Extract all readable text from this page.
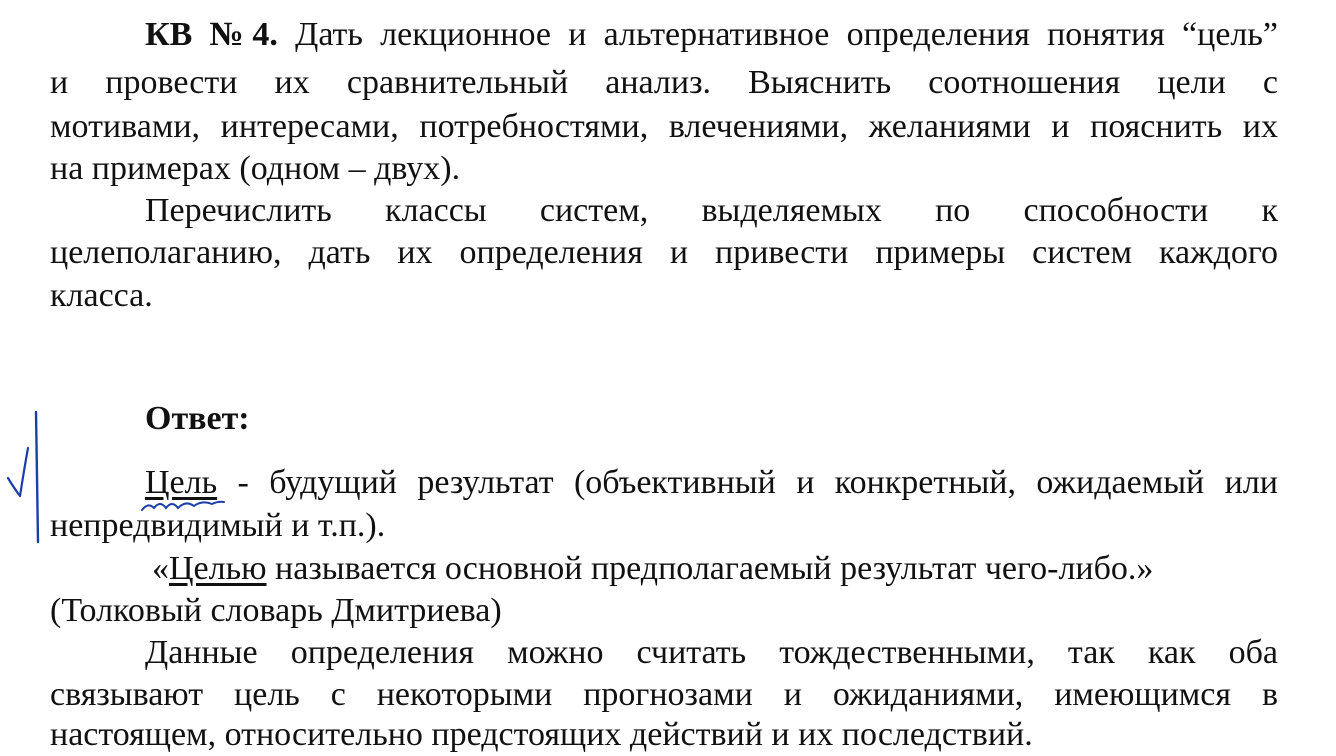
КВ №4. Дать лекционное и альтернативное определения понятия “цель”
и провести их сравнительный анализ. Выяснить соотношения цели с
мотивами, интересами, потребностями, влечениями, желаниями и пояснить их
на примерах (одном – двух).
Перечислить классы систем, выделяемых по способности к
целеполаганию, дать их определения и привести примеры систем каждого
класса.
Ответ:
Цель - будущий результат (объективный и конкретный, ожидаемый или
непредвидимый и т.п.).
«Целью называется основной предполагаемый результат чего-либо.»
(Толковый словарь Дмитриева)
Данные определения можно считать тождественными, так как оба
связывают цель с некоторыми прогнозами и ожиданиями, имеющимся в
настоящем, относительно предстоящих действий и их последствий.
